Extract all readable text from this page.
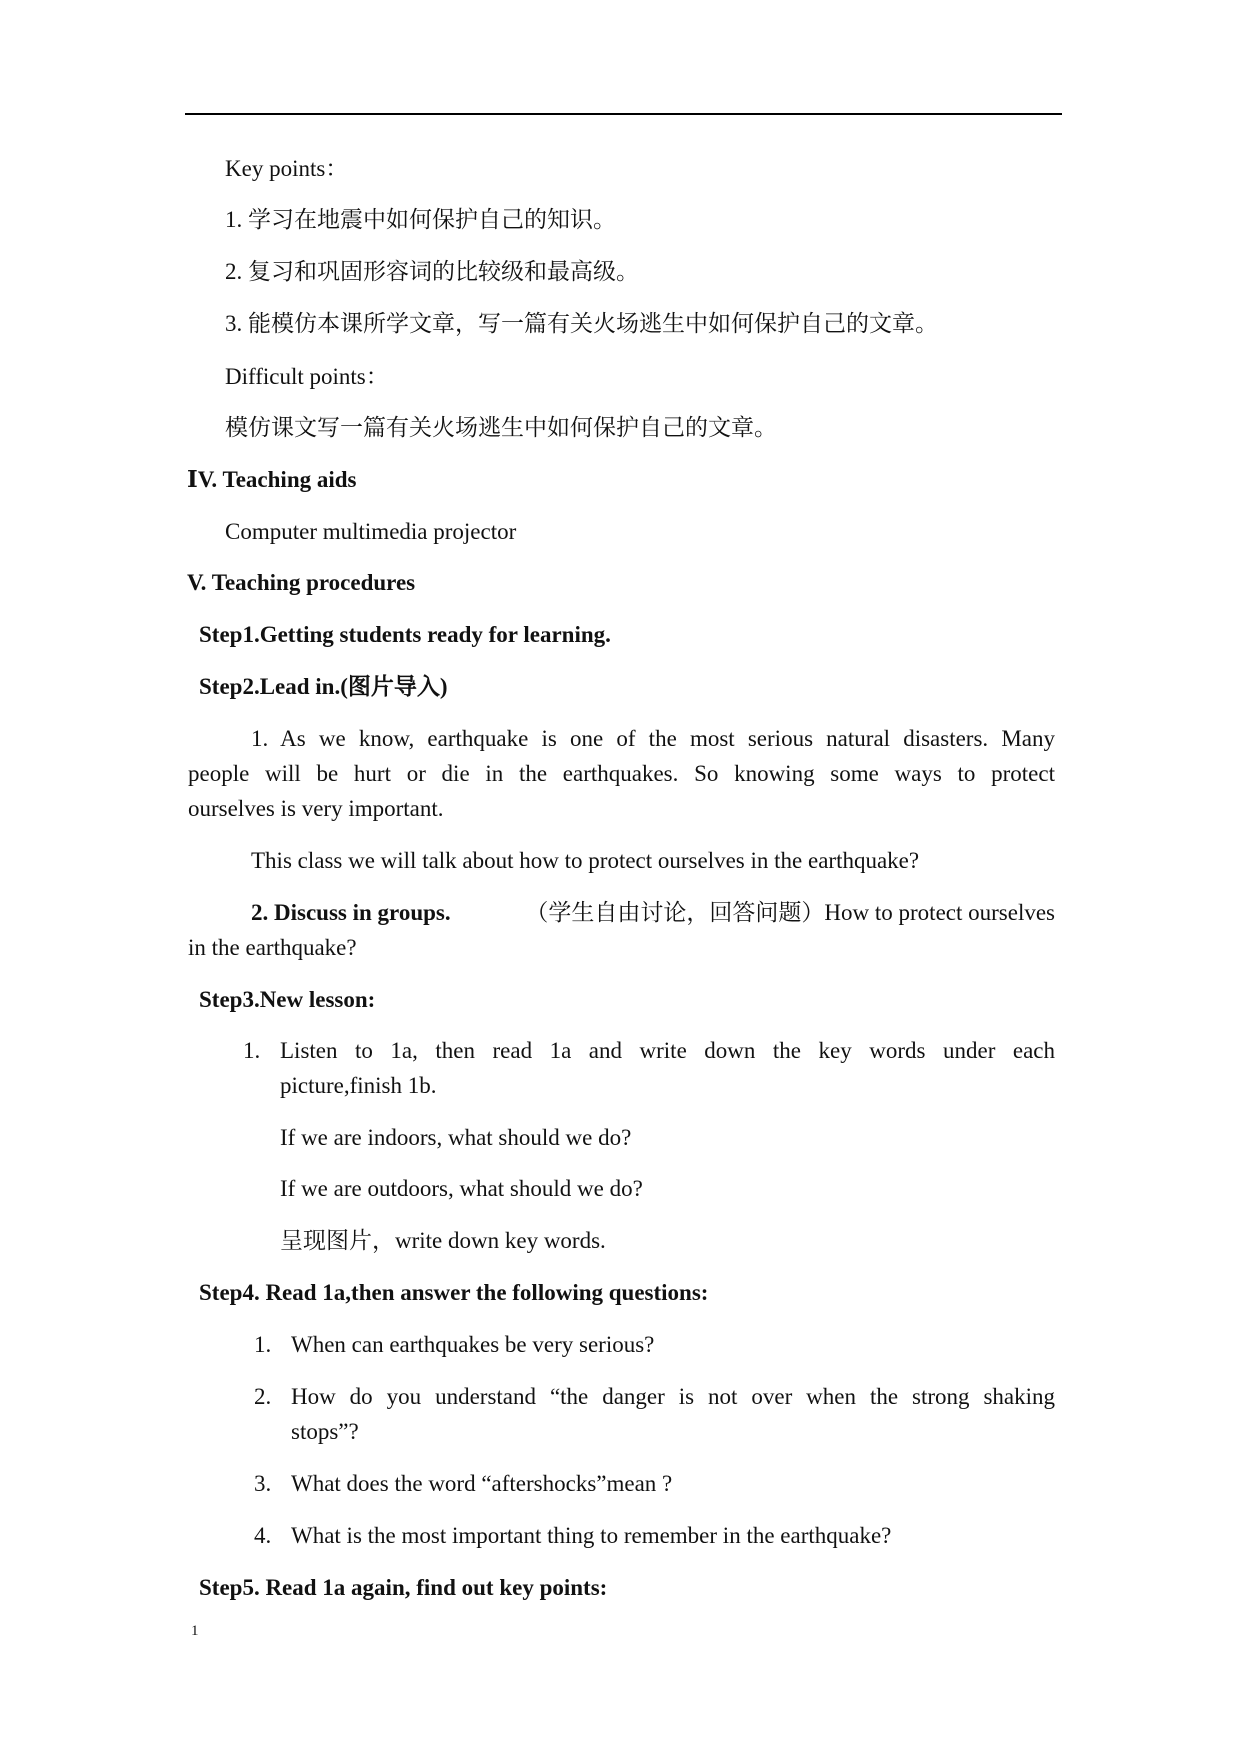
Key points：
1. 学习在地震中如何保护自己的知识。
2. 复习和巩固形容词的比较级和最高级。
3. 能模仿本课所学文章，写一篇有关火场逃生中如何保护自己的文章。
Difficult points：
模仿课文写一篇有关火场逃生中如何保护自己的文章。
ⅠV. Teaching aids
Computer multimedia projector
V. Teaching procedures
Step1.Getting students ready for learning.
Step2.Lead in.(图片导入)
1. As we know, earthquake is one of the most serious natural disasters. Many
people will be hurt or die in the earthquakes. So knowing some ways to protect
ourselves is very important.
This class we will talk about how to protect ourselves in the earthquake?
2. Discuss in groups.	（学生自由讨论，回答问题）How to protect ourselves
in the earthquake?
Step3.New lesson:
1. Listen to 1a, then read 1a and write down the key words under each
picture,finish 1b.
If we are indoors, what should we do?
If we are outdoors, what should we do?
呈现图片，write down key words.
Step4. Read 1a,then answer the following questions:
1. When can earthquakes be very serious?
2. How do you understand “the danger is not over when the strong shaking
stops”?
3. What does the word “aftershocks”mean ?
4. What is the most important thing to remember in the earthquake?
Step5. Read 1a again, find out key points:
1
